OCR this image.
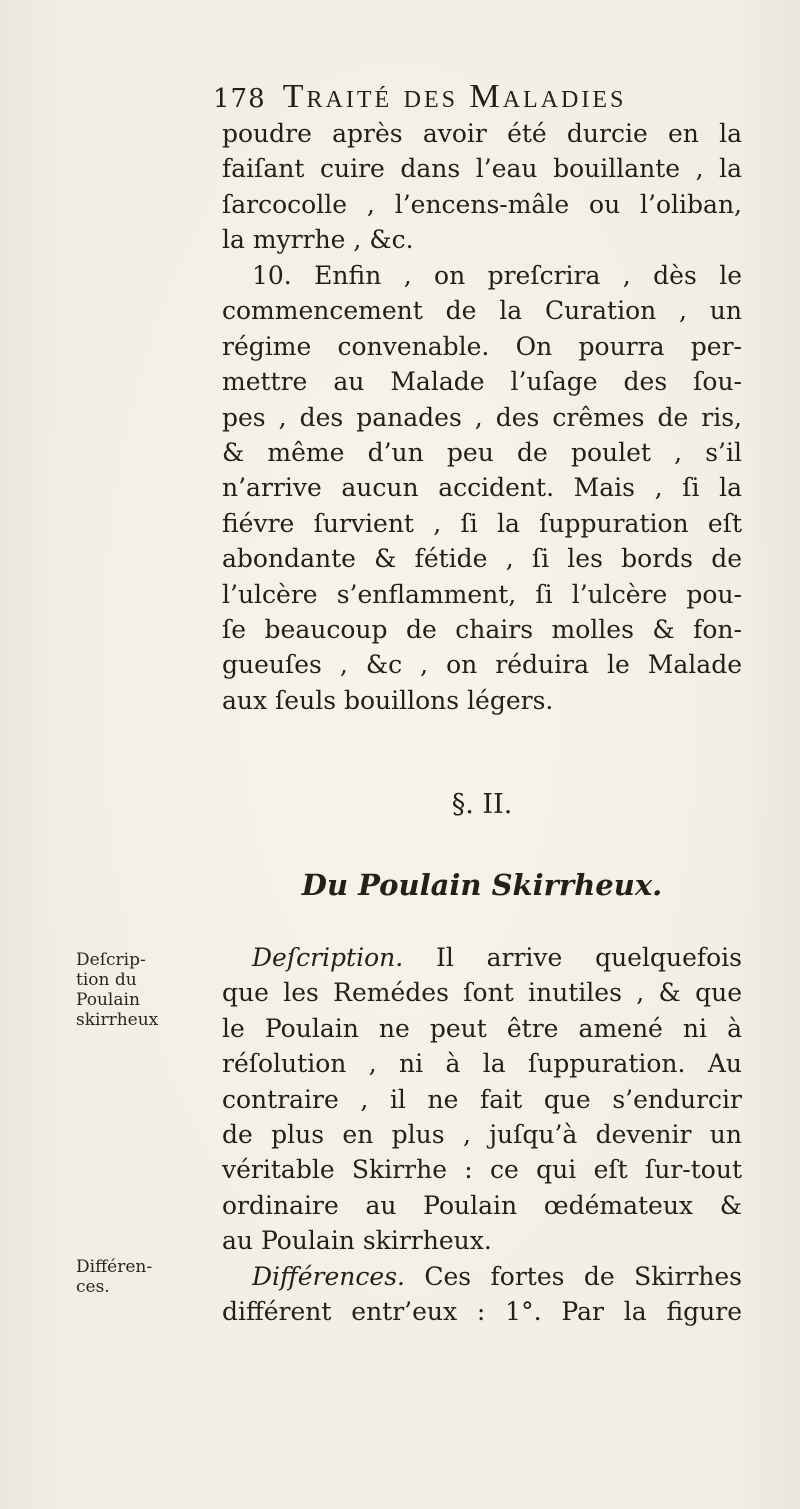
178 Traité des Maladies
poudre après avoir été durcie en la
faiſant cuire dans l’eau bouillante , la
ſarcocolle , l’encens-mâle ou l’oliban,
la myrrhe , &c.
10. Enfin , on preſcrira , dès le
commencement de la Curation , un
régime convenable. On pourra per-
mettre au Malade l’uſage des ſou-
pes , des panades , des crêmes de ris,
& même d’un peu de poulet , s’il
n’arrive aucun accident. Mais , ſi la
fiévre ſurvient , ſi la ſuppuration eſt
abondante & fétide , ſi les bords de
l’ulcère s’enflamment, ſi l’ulcère pou-
ſe beaucoup de chairs molles & fon-
gueuſes , &c , on réduira le Malade
aux ſeuls bouillons légers.
§. II.
Du Poulain Skirrheux.
Deſcrip-
tion du
Poulain
skirrheux
Deſcription. Il arrive quelquefois
que les Remédes ſont inutiles , & que
le Poulain ne peut être amené ni à
réſolution , ni à la ſuppuration. Au
contraire , il ne fait que s’endurcir
de plus en plus , juſqu’à devenir un
véritable Skirrhe : ce qui eſt ſur-tout
ordinaire au Poulain œdémateux &
au Poulain skirrheux.
Différen-
ces.	Différences. Ces fortes de Skirrhes
différent entr’eux : 1°. Par la figure
